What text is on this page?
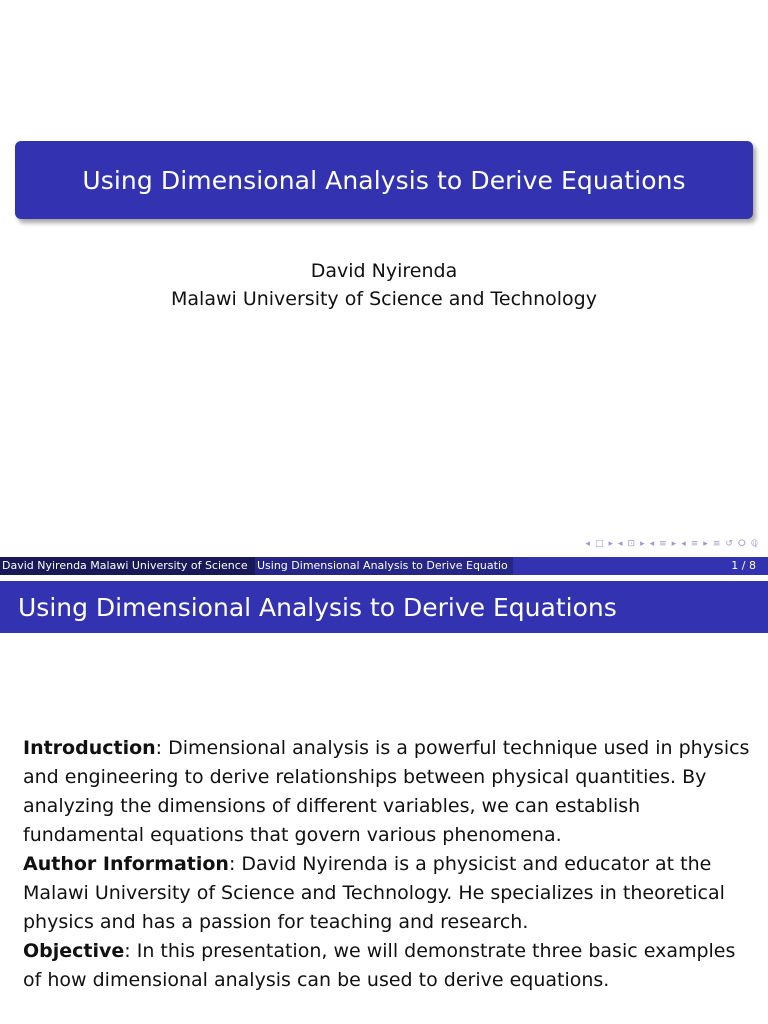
Using Dimensional Analysis to Derive Equations
David Nyirenda
Malawi University of Science and Technology
◂ □ ▸ ◂ ⊡ ▸ ◂ ≡ ▸ ◂ ≡ ▸ ≡ ↺ ⵔ ℚ
David Nyirenda Malawi University of Science Using Dimensional Analysis to Derive Equatio	1 / 8
Using Dimensional Analysis to Derive Equations
Introduction: Dimensional analysis is a powerful technique used in physics and engineering to derive relationships between physical quantities. By analyzing the dimensions of different variables, we can establish fundamental equations that govern various phenomena.
Author Information: David Nyirenda is a physicist and educator at the Malawi University of Science and Technology. He specializes in theoretical physics and has a passion for teaching and research.
Objective: In this presentation, we will demonstrate three basic examples of how dimensional analysis can be used to derive equations.
